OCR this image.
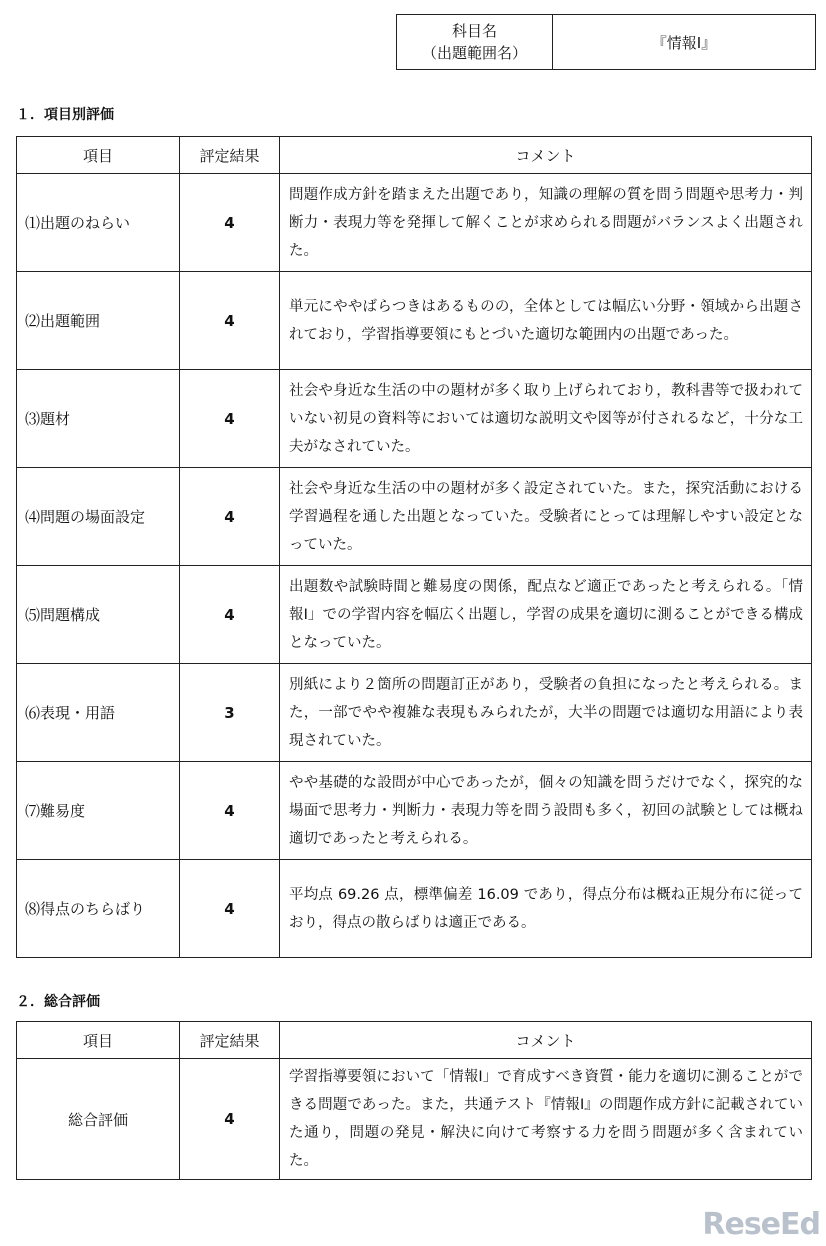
科目名
（出題範囲名）
	『情報Ⅰ』
１．項目別評価
項目	評定結果	コメント
⑴出題のねらい	4	問題作成方針を踏まえた出題であり，知識の理解の質を問う問題や思考力・判断力・表現力等を発揮して解くことが求められる問題がバランスよく出題された。
⑵出題範囲	4	単元にややばらつきはあるものの，全体としては幅広い分野・領域から出題されており，学習指導要領にもとづいた適切な範囲内の出題であった。
⑶題材	4	社会や身近な生活の中の題材が多く取り上げられており，教科書等で扱われていない初見の資料等においては適切な説明文や図等が付されるなど，十分な工夫がなされていた。
⑷問題の場面設定	4	社会や身近な生活の中の題材が多く設定されていた。また，探究活動における学習過程を通した出題となっていた。受験者にとっては理解しやすい設定となっていた。
⑸問題構成	4	出題数や試験時間と難易度の関係，配点など適正であったと考えられる。「情報Ⅰ」での学習内容を幅広く出題し，学習の成果を適切に測ることができる構成となっていた。
⑹表現・用語	3	別紙により２箇所の問題訂正があり，受験者の負担になったと考えられる。また，一部でやや複雑な表現もみられたが，大半の問題では適切な用語により表現されていた。
⑺難易度	4	やや基礎的な設問が中心であったが，個々の知識を問うだけでなく，探究的な場面で思考力・判断力・表現力等を問う設問も多く，初回の試験としては概ね適切であったと考えられる。
⑻得点のちらばり	4	平均点 69.26 点，標準偏差 16.09 であり，得点分布は概ね正規分布に従っており，得点の散らばりは適正である。
２．総合評価
項目	評定結果	コメント
総合評価	4	学習指導要領において「情報Ⅰ」で育成すべき資質・能力を適切に測ることができる問題であった。また，共通テスト『情報Ⅰ』の問題作成方針に記載されていた通り，問題の発見・解決に向けて考察する力を問う問題が多く含まれていた。
ReseEd
